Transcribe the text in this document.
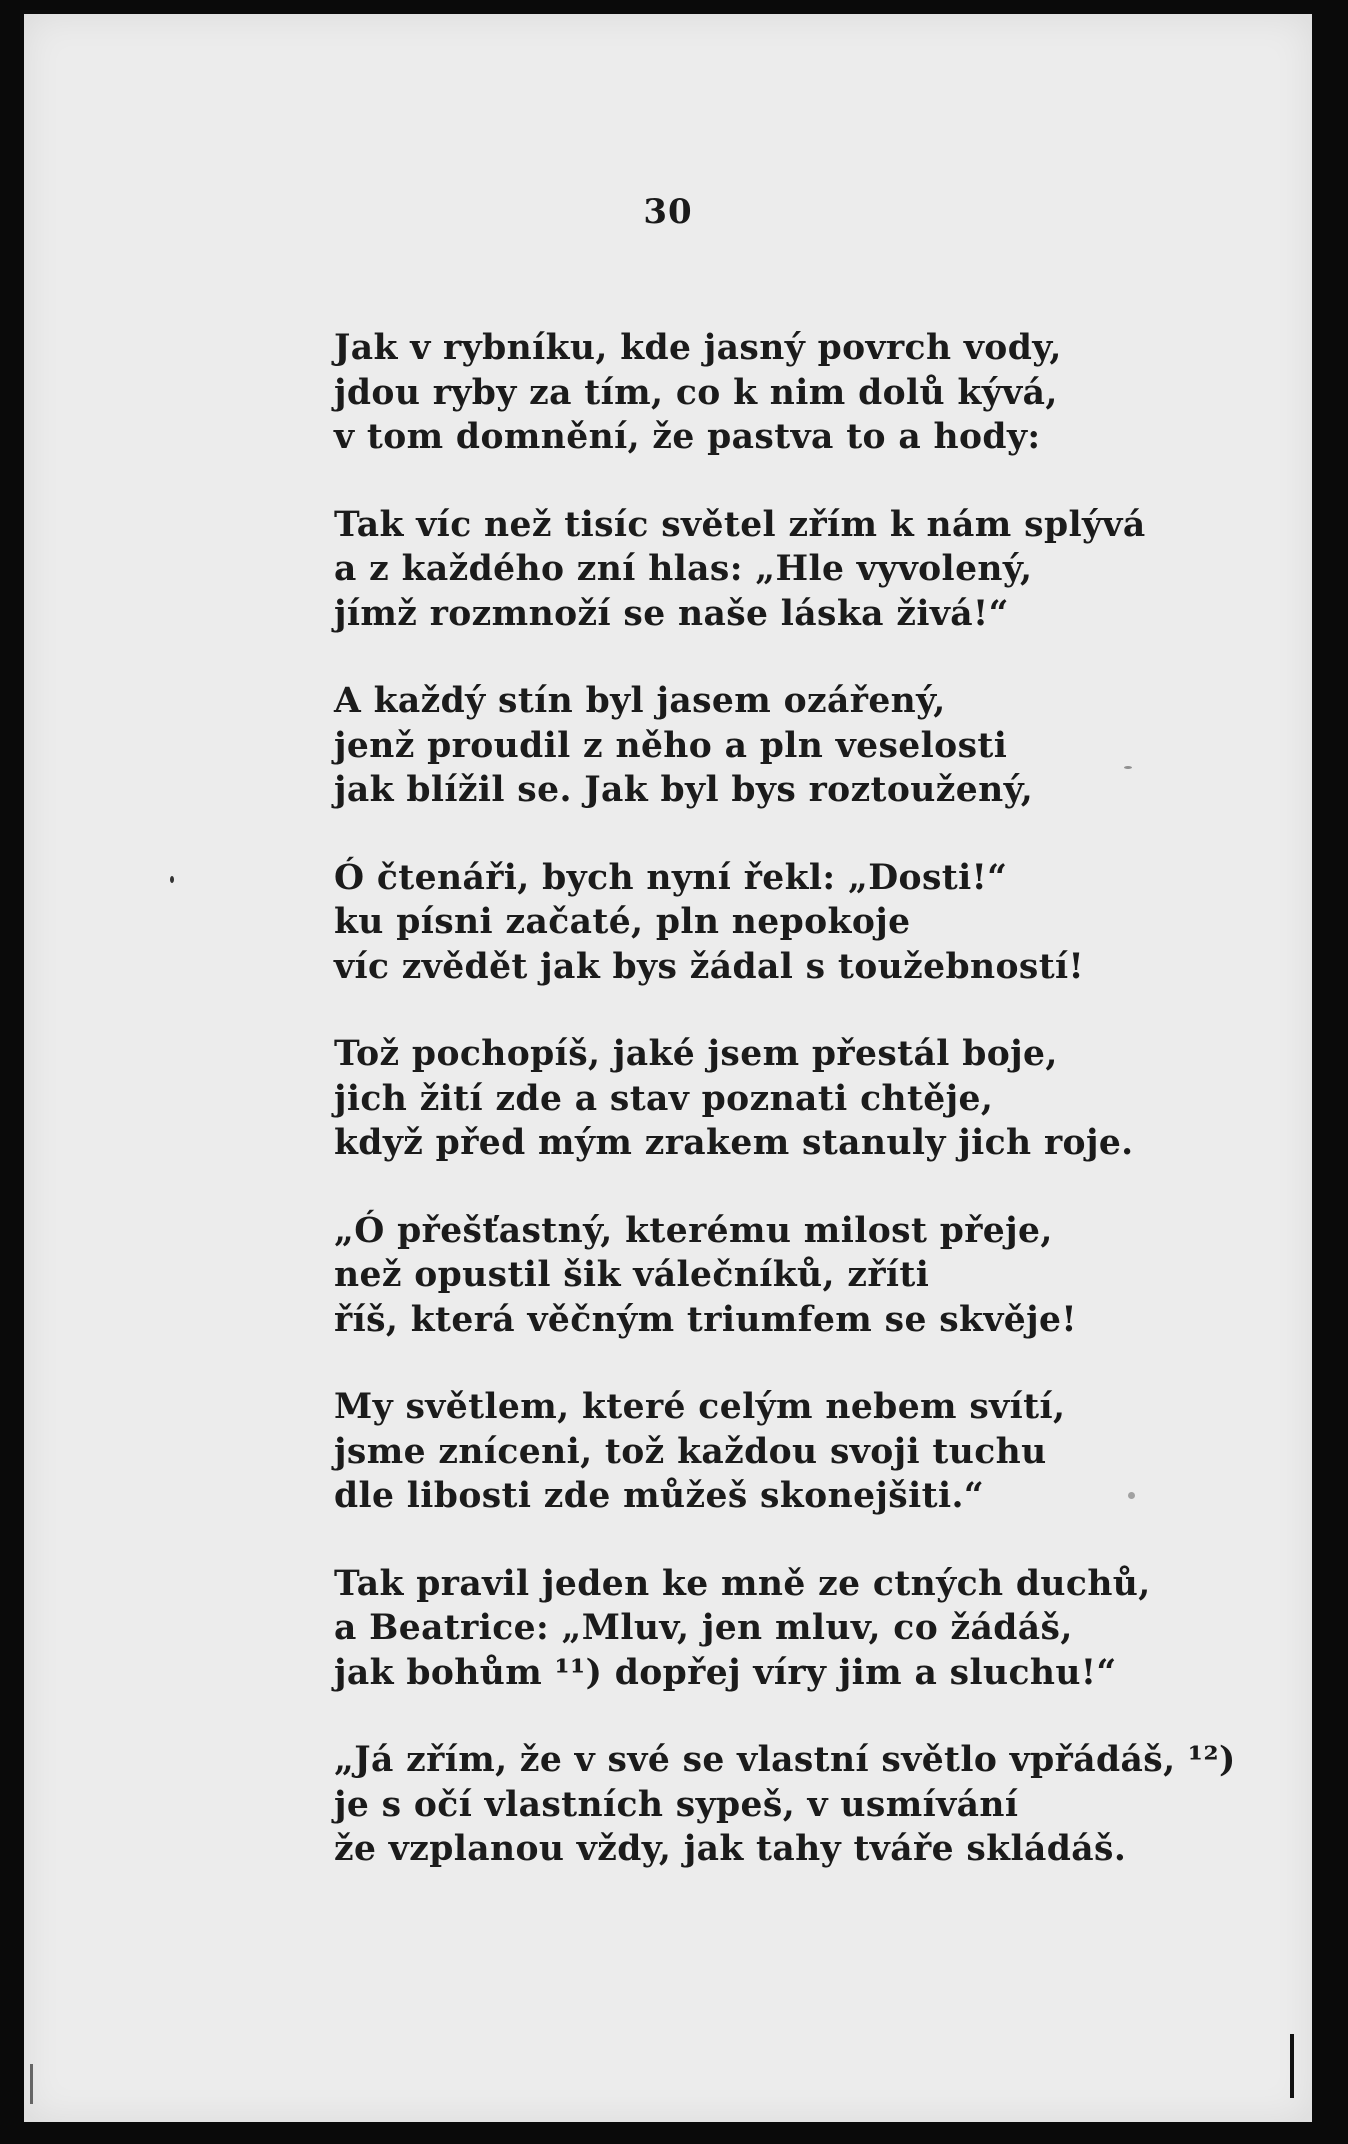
30
Jak v rybníku, kde jasný povrch vody,
jdou ryby za tím, co k nim dolů kývá,
v tom domnění, že pastva to a hody:
Tak víc než tisíc světel zřím k nám splývá
a z každého zní hlas: „Hle vyvolený,
jímž rozmnoží se naše láska živá!“
A každý stín byl jasem ozářený,
jenž proudil z něho a pln veselosti
jak blížil se. Jak byl bys roztoužený,
Ó čtenáři, bych nyní řekl: „Dosti!“
ku písni začaté, pln nepokoje
víc zvědět jak bys žádal s toužebností!
Tož pochopíš, jaké jsem přestál boje,
jich žití zde a stav poznati chtěje,
když před mým zrakem stanuly jich roje.
„Ó přešťastný, kterému milost přeje,
než opustil šik válečníků, zříti
říš, která věčným triumfem se skvěje!
My světlem, které celým nebem svítí,
jsme zníceni, tož každou svoji tuchu
dle libosti zde můžeš skonejšiti.“
Tak pravil jeden ke mně ze ctných duchů,
a Beatrice: „Mluv, jen mluv, co žádáš,
jak bohům ¹¹) dopřej víry jim a sluchu!“
„Já zřím, že v své se vlastní světlo vpřádáš, ¹²)
je s očí vlastních sypeš, v usmívání
že vzplanou vždy, jak tahy tváře skládáš.
